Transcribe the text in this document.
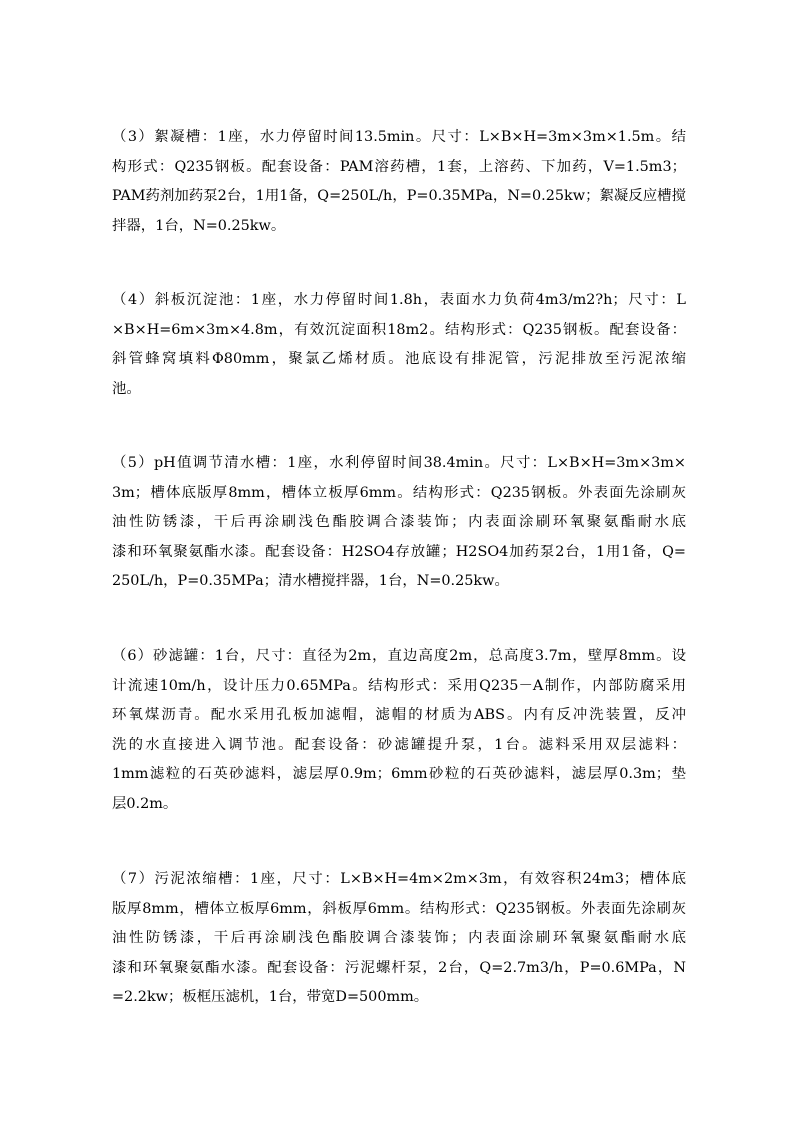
（3）絮凝槽：1座，水力停留时间13.5min。尺寸：L×B×H=3m×3m×1.5m。结
构形式：Q235钢板。配套设备：PAM溶药槽，1套，上溶药、下加药，V=1.5m3；
PAM药剂加药泵2台，1用1备，Q=250L/h，P=0.35MPa，N=0.25kw；絮凝反应槽搅
拌器，1台，N=0.25kw。
（4）斜板沉淀池：1座，水力停留时间1.8h，表面水力负荷4m3/m2?h；尺寸：L
×B×H=6m×3m×4.8m，有效沉淀面积18m2。结构形式：Q235钢板。配套设备：
斜管蜂窝填料Φ80mm，聚氯乙烯材质。池底设有排泥管，污泥排放至污泥浓缩
池。
（5）pH值调节清水槽：1座，水利停留时间38.4min。尺寸：L×B×H=3m×3m×
3m；槽体底版厚8mm，槽体立板厚6mm。结构形式：Q235钢板。外表面先涂刷灰
油性防锈漆，干后再涂刷浅色酯胶调合漆装饰；内表面涂刷环氧聚氨酯耐水底
漆和环氧聚氨酯水漆。配套设备：H2SO4存放罐；H2SO4加药泵2台，1用1备，Q=
250L/h，P=0.35MPa；清水槽搅拌器，1台，N=0.25kw。
（6）砂滤罐：1台，尺寸：直径为2m，直边高度2m，总高度3.7m，壁厚8mm。设
计流速10m/h，设计压力0.65MPa。结构形式：采用Q235－A制作，内部防腐采用
环氧煤沥青。配水采用孔板加滤帽，滤帽的材质为ABS。内有反冲洗装置，反冲
洗的水直接进入调节池。配套设备：砂滤罐提升泵，1台。滤料采用双层滤料：
1mm滤粒的石英砂滤料，滤层厚0.9m；6mm砂粒的石英砂滤料，滤层厚0.3m；垫
层0.2m。
（7）污泥浓缩槽：1座，尺寸：L×B×H=4m×2m×3m，有效容积24m3；槽体底
版厚8mm，槽体立板厚6mm，斜板厚6mm。结构形式：Q235钢板。外表面先涂刷灰
油性防锈漆，干后再涂刷浅色酯胶调合漆装饰；内表面涂刷环氧聚氨酯耐水底
漆和环氧聚氨酯水漆。配套设备：污泥螺杆泵，2台，Q=2.7m3/h，P=0.6MPa，N
=2.2kw；板框压滤机，1台，带宽D=500mm。
